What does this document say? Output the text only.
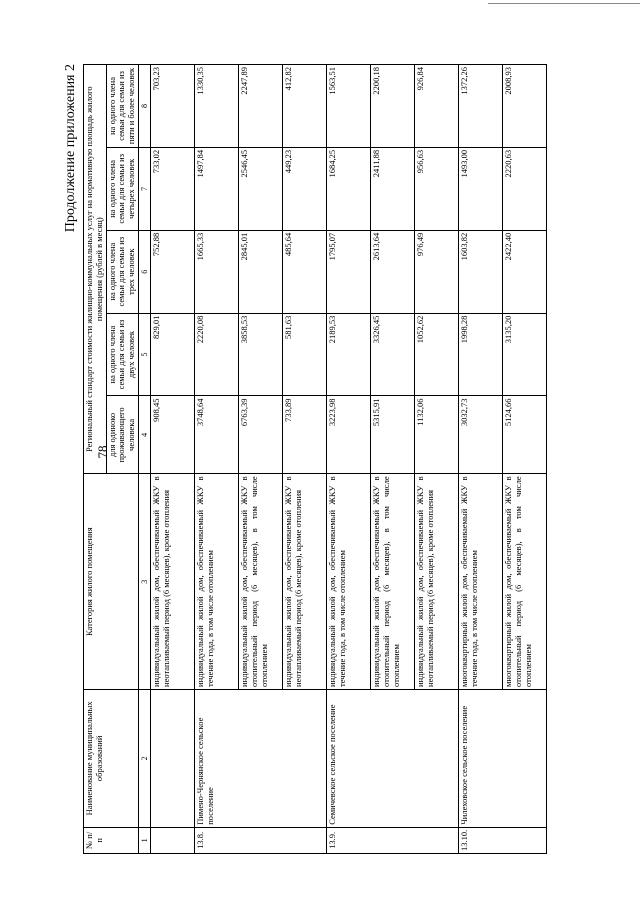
78
Продолжение приложения 2
№ п/п	Наименование муниципальных образований	Категория жилого помещения	Региональный стандарт стоимости жилищно-коммунальных услуг на нормативную площадь жилого помещения (рублей в месяц)				
			для одиноко проживающего человека	на одного члена семьи для семьи из двух человек	на одного члена семьи для семьи из трех человек	на одного члена семьи для семьи из четырех человек	на одного члена семьи для семьи из пяти и более человек
1	2	3	4	5	6	7	8
		индивидуальный жилой дом, обеспечиваемый ЖКУ в неотапливаемый период (6 месяцев), кроме отопления	908,45	829,01	752,88	733,02	703,23
13.8.	Пимено-Чернянское сельское поселение	индивидуальный жилой дом, обеспечиваемый ЖКУ в течение года, в том числе отоплением	3748,64	2220,08	1665,33	1497,84	1330,35
		индивидуальный жилой дом, обеспечиваемый ЖКУ в отопительный период (6 месяцев), в том числе отоплением	6763,39	3858,53	2845,01	2546,45	2247,89
		индивидуальный жилой дом, обеспечиваемый ЖКУ в неотапливаемый период (6 месяцев), кроме отопления	733,89	581,63	485,64	449,23	412,82
13.9.	Семичевское сельское поселение	индивидуальный жилой дом, обеспечиваемый ЖКУ в течение года, в том числе отоплением	3223,98	2189,53	1795,07	1684,25	1563,51
		индивидуальный жилой дом, обеспечиваемый ЖКУ в отопительный период (6 месяцев), в том числе отоплением	5315,91	3326,45	2613,64	2411,88	2200,18
		индивидуальный жилой дом, обеспечиваемый ЖКУ в неотапливаемый период (6 месяцев), кроме отопления	1132,06	1052,62	976,49	956,63	926,84
13.10.	Чилеховское сельское поселение	многоквартирный жилой дом, обеспечиваемый ЖКУ в течение года, в том числе отоплением	3032,73	1998,28	1603,82	1493,00	1372,26
		многоквартирный жилой дом, обеспечиваемый ЖКУ в отопительный период (6 месяцев), в том числе отоплением	5124,66	3135,20	2422,40	2220,63	2008,93
